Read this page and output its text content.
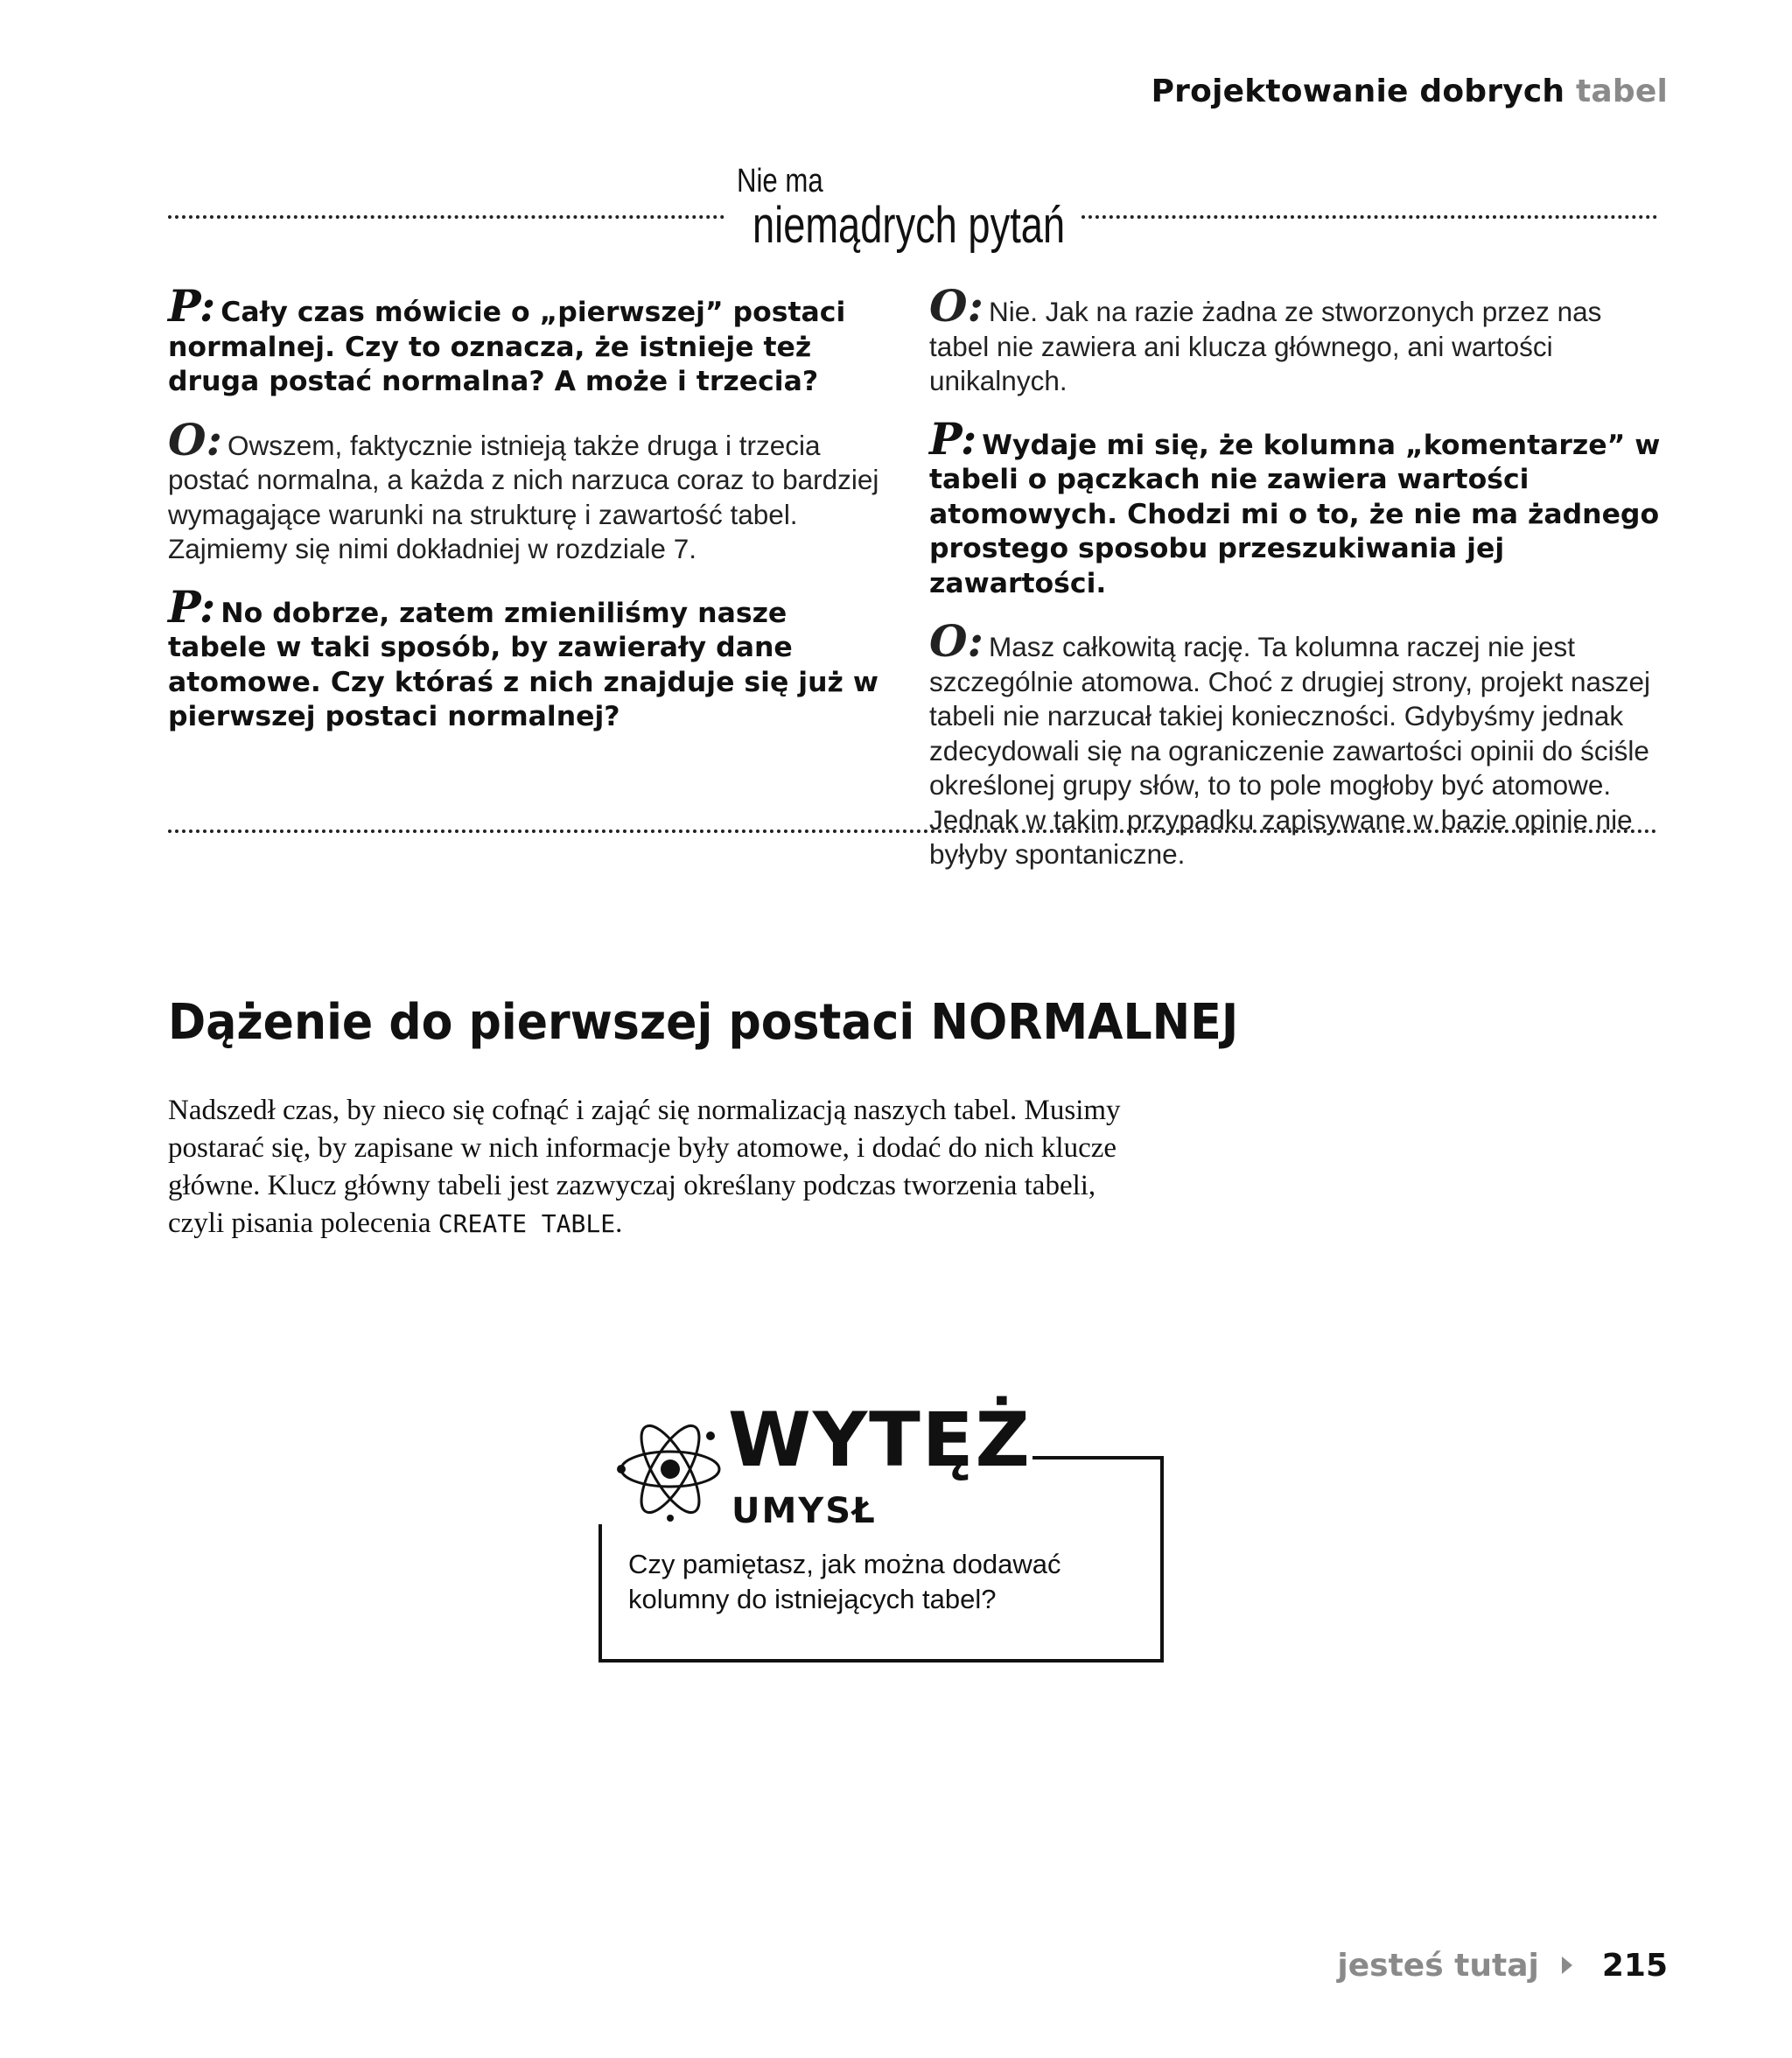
Projektowanie dobrych tabel
Nie ma
niemądrych pytań
P: Cały czas mówicie o „pierwszej” postaci normalnej. Czy to oznacza, że istnieje też druga postać normalna? A może i trzecia?
O: Owszem, faktycznie istnieją także druga i trzecia postać normalna, a każda z nich narzuca coraz to bardziej wymagające warunki na strukturę i zawartość tabel. Zajmiemy się nimi dokładniej w rozdziale 7.
P: No dobrze, zatem zmieniliśmy nasze tabele w taki sposób, by zawierały dane atomowe. Czy któraś z nich znajduje się już w pierwszej postaci normalnej?
O: Nie. Jak na razie żadna ze stworzonych przez nas tabel nie zawiera ani klucza głównego, ani wartości unikalnych.
P: Wydaje mi się, że kolumna „komentarze” w tabeli o pączkach nie zawiera wartości atomowych. Chodzi mi o to, że nie ma żadnego prostego sposobu przeszukiwania jej zawartości.
O: Masz całkowitą rację. Ta kolumna raczej nie jest szczególnie atomowa. Choć z drugiej strony, projekt naszej tabeli nie narzucał takiej konieczności. Gdybyśmy jednak zdecydowali się na ograniczenie zawartości opinii do ściśle określonej grupy słów, to to pole mogłoby być atomowe. Jednak w takim przypadku zapisywane w bazie opinie nie byłyby spontaniczne.
Dążenie do pierwszej postaci NORMALNEJ
Nadszedł czas, by nieco się cofnąć i zająć się normalizacją naszych tabel. Musimy postarać się, by zapisane w nich informacje były atomowe, i dodać do nich klucze główne. Klucz główny tabeli jest zazwyczaj określany podczas tworzenia tabeli, czyli pisania polecenia CREATE TABLE.
WYTĘŻ
UMYSŁ
Czy pamiętasz, jak można dodawać kolumny do istniejących tabel?
jesteś tutaj 215
